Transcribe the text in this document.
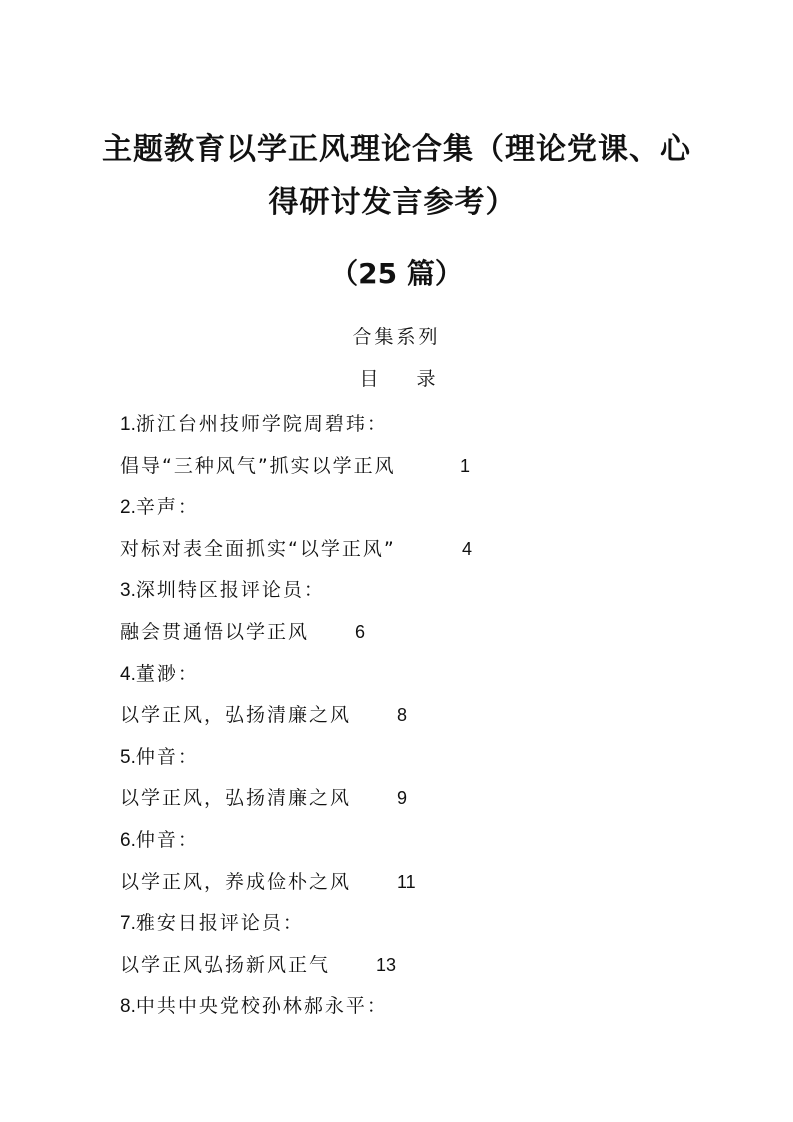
主题教育以学正风理论合集（理论党课、心
得研讨发言参考）
（25 篇）
合集系列
目录
1.浙江台州技师学院周碧玮：
倡导“三种风气”抓实以学正风	1
2.辛声：
对标对表全面抓实“以学正风”	4
3.深圳特区报评论员：
融会贯通悟以学正风	6
4.董渺：
以学正风，弘扬清廉之风	8
5.仲音：
以学正风，弘扬清廉之风	9
6.仲音：
以学正风，养成俭朴之风	11
7.雅安日报评论员：
以学正风弘扬新风正气	13
8.中共中央党校孙林郝永平：
